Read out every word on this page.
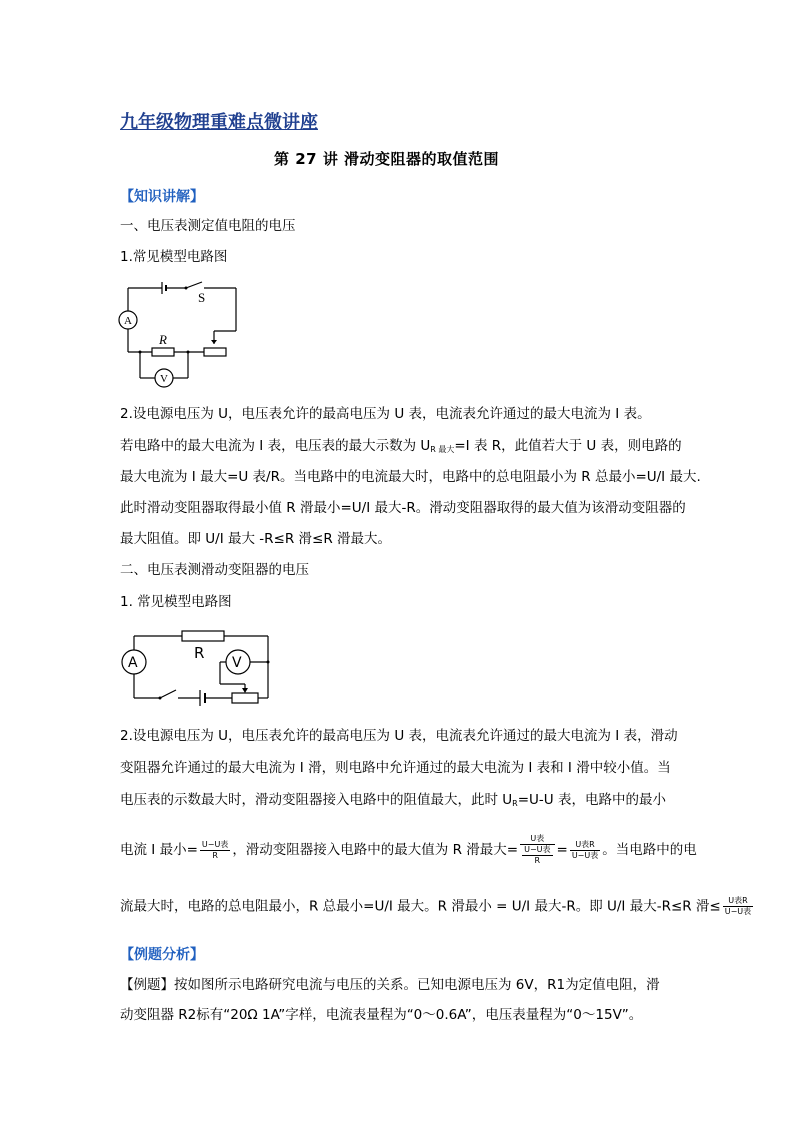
九年级物理重难点微讲座
第 27 讲 滑动变阻器的取值范围
【知识讲解】
一、电压表测定值电阻的电压
1.常见模型电路图
S
A
R
V
2.设电源电压为 U，电压表允许的最高电压为 U 表，电流表允许通过的最大电流为 I 表。
若电路中的最大电流为 I 表，电压表的最大示数为 $U_{R 最大}=I$ 表 R，此值若大于 U 表，则电路的
最大电流为 I 最大=U 表/R。当电路中的电流最大时，电路中的总电阻最小为 R 总最小=U/I 最大.
此时滑动变阻器取得最小值 R 滑最小=U/I 最大-R。滑动变阻器取得的最大值为该滑动变阻器的
最大阻值。即 U/I 最大 -R≤R 滑≤R 滑最大。
二、电压表测滑动变阻器的电压
1. 常见模型电路图
A
R
V
2.设电源电压为 U，电压表允许的最高电压为 U 表，电流表允许通过的最大电流为 I 表，滑动
变阻器允许通过的最大电流为 I 滑，则电路中允许通过的最大电流为 I 表和 I 滑中较小值。当
电压表的示数最大时，滑动变阻器接入电路中的阻值最大，此时 $U_R=U-U$ 表，电路中的最小
电流 I 最小= $\frac{\text{U−U表}}{R}$ ，滑动变阻器接入电路中的最大值为 R 滑最大= $\frac{\text{U表}}{\frac{\text{U−U表}}{R}} = \frac{\text{U表R}}{\text{U−U表}}$ 。当电路中的电
流最大时，电路的总电阻最小，R 总最小=U/I 最大。R 滑最小 = U/I 最大-R。即 U/I 最大-R≤R 滑≤ $\frac{\text{U表R}}{\text{U−U表}}$
【例题分析】
【例题】按如图所示电路研究电流与电压的关系。已知电源电压为 6V，R1为定值电阻，滑
动变阻器 R2标有“20Ω 1A”字样，电流表量程为“0～0.6A”，电压表量程为“0～15V”。
